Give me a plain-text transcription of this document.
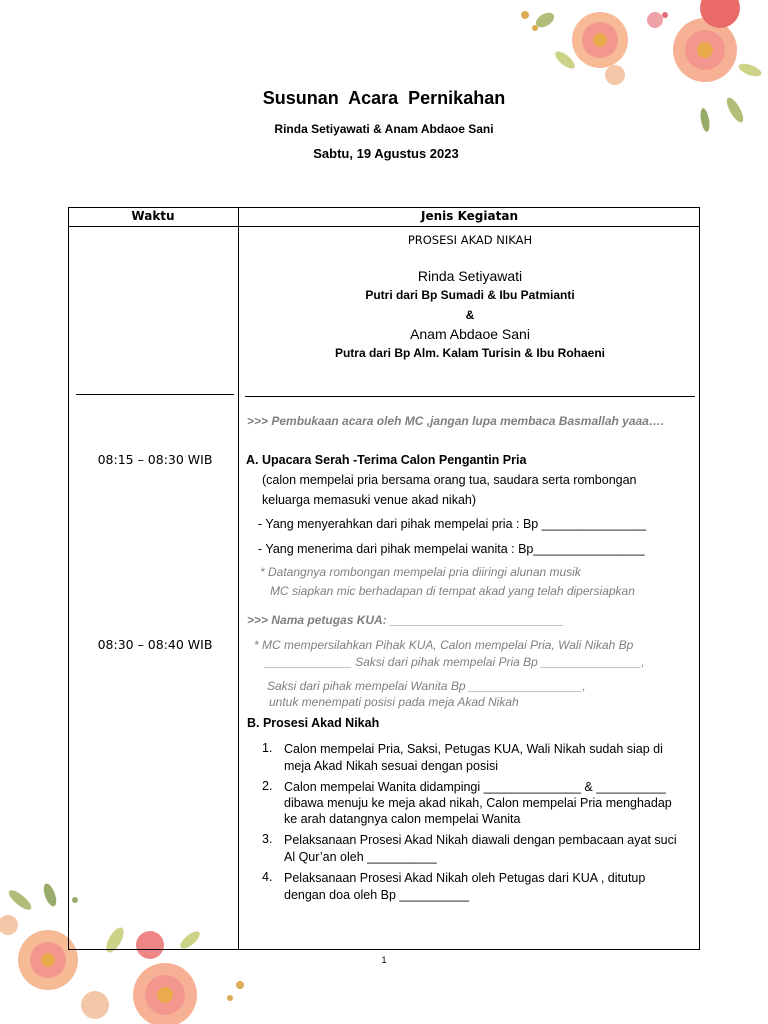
Susunan Acara Pernikahan
Rinda Setiyawati & Anam Abdaoe Sani
Sabtu, 19 Agustus 2023
Waktu	Jenis Kegiatan
PROSESI AKAD NIKAH
Rinda Setiyawati
Putri dari Bp Sumadi & Ibu Patmianti
&
Anam Abdaoe Sani
Putra dari Bp Alm. Kalam Turisin & Ibu Rohaeni
08:15 – 08:30 WIB
08:30 – 08:40 WIB
>>> Pembukaan acara oleh MC ,jangan lupa membaca Basmallah yaaa….
A. Upacara Serah -Terima Calon Pengantin Pria
(calon mempelai pria bersama orang tua, saudara serta rombongan
keluarga memasuki venue akad nikah)
- Yang menyerahkan dari pihak mempelai pria : Bp _______________
- Yang menerima dari pihak mempelai wanita : Bp________________
* Datangnya rombongan mempelai pria diiringi alunan musik
MC siapkan mic berhadapan di tempat akad yang telah dipersiapkan
>>> Nama petugas KUA: __________________________
* MC mempersilahkan Pihak KUA, Calon mempelai Pria, Wali Nikah Bp
_____________ Saksi dari pihak mempelai Pria Bp _______________,
Saksi dari pihak mempelai Wanita Bp _________________,
untuk menempati posisi pada meja Akad Nikah
B. Prosesi Akad Nikah
1. Calon mempelai Pria, Saksi, Petugas KUA, Wali Nikah sudah siap di
meja Akad Nikah sesuai dengan posisi
2. Calon mempelai Wanita didampingi ______________ & __________
dibawa menuju ke meja akad nikah, Calon mempelai Pria menghadap
ke arah datangnya calon mempelai Wanita
3. Pelaksanaan Prosesi Akad Nikah diawali dengan pembacaan ayat suci
Al Qur’an oleh __________
4. Pelaksanaan Prosesi Akad Nikah oleh Petugas dari KUA , ditutup
dengan doa oleh Bp __________
1
